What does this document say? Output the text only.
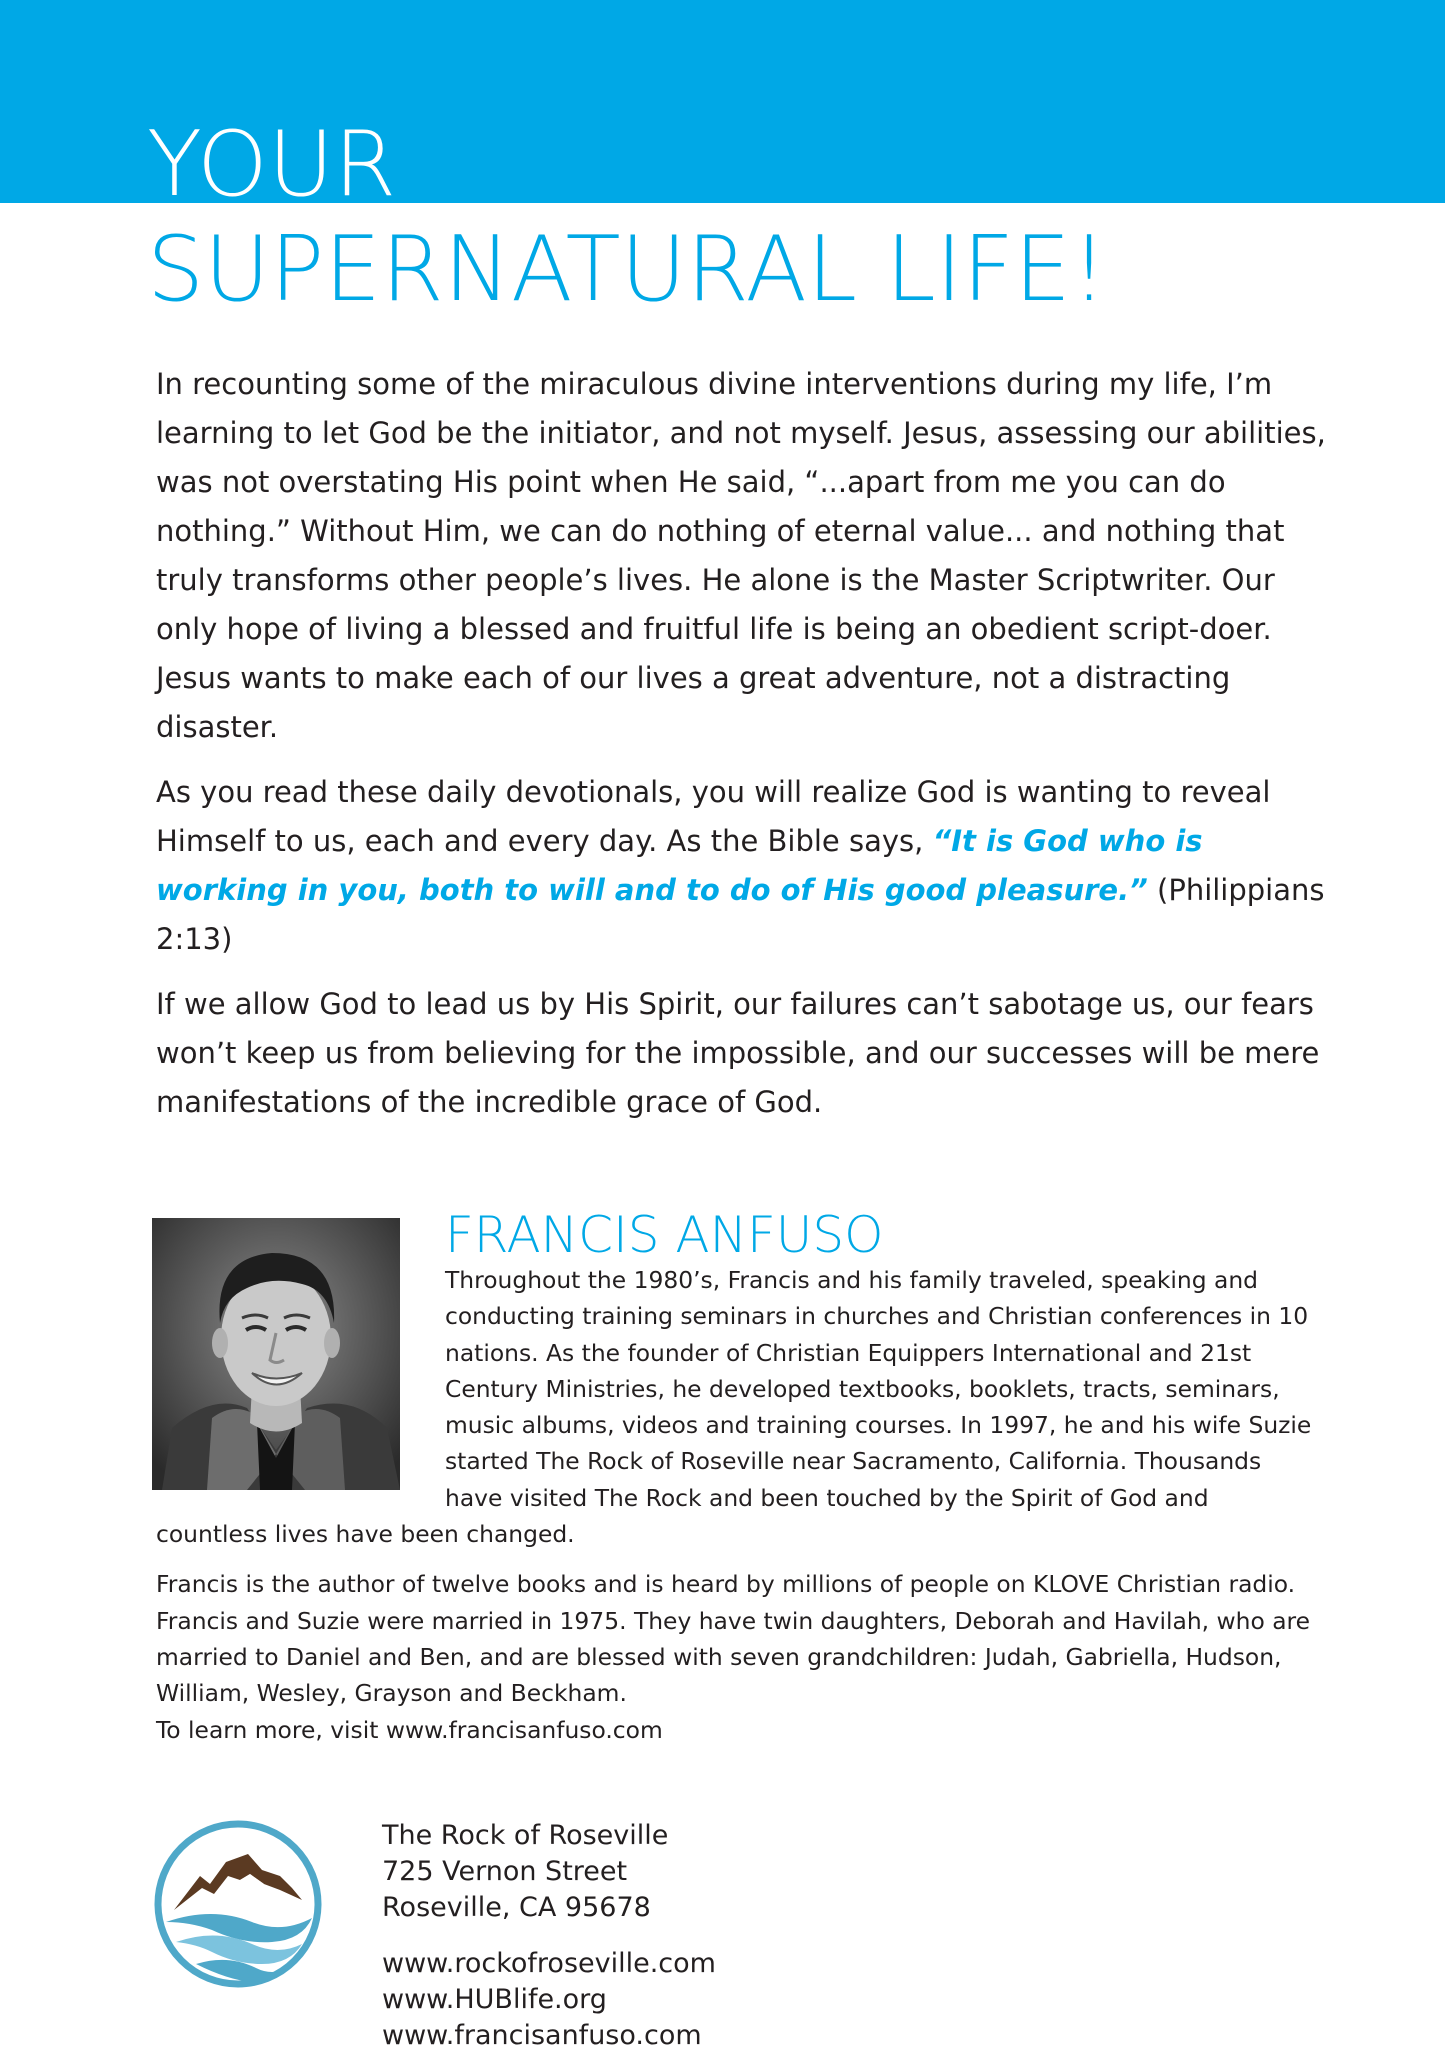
YOUR
SUPERNATURAL LIFE!

In recounting some of the miraculous divine interventions during my life, I’m learning to let God be the initiator, and not myself. Jesus, assessing our abilities, was not overstating His point when He said, “...apart from me you can do nothing.” Without Him, we can do nothing of eternal value... and nothing that truly transforms other people’s lives. He alone is the Master Scriptwriter. Our only hope of living a blessed and fruitful life is being an obedient script-doer. Jesus wants to make each of our lives a great adventure, not a distracting disaster.

As you read these daily devotionals, you will realize God is wanting to reveal Himself to us, each and every day. As the Bible says, “It is God who is working in you, both to will and to do of His good pleasure.” (Philippians 2:13)

If we allow God to lead us by His Spirit, our failures can’t sabotage us, our fears won’t keep us from believing for the impossible, and our successes will be mere manifestations of the incredible grace of God.

FRANCIS ANFUSO

Throughout the 1980’s, Francis and his family traveled, speaking and conducting training seminars in churches and Christian conferences in 10 nations. As the founder of Christian Equippers International and 21st Century Ministries, he developed textbooks, booklets, tracts, seminars, music albums, videos and training courses. In 1997, he and his wife Suzie started The Rock of Roseville near Sacramento, California. Thousands have visited The Rock and been touched by the Spirit of God and countless lives have been changed.

Francis is the author of twelve books and is heard by millions of people on KLOVE Christian radio. Francis and Suzie were married in 1975. They have twin daughters, Deborah and Havilah, who are married to Daniel and Ben, and are blessed with seven grandchildren: Judah, Gabriella, Hudson, William, Wesley, Grayson and Beckham.

To learn more, visit www.francisanfuso.com

The Rock of Roseville
725 Vernon Street
Roseville, CA 95678
www.rockofroseville.com
www.HUBlife.org
www.francisanfuso.com
